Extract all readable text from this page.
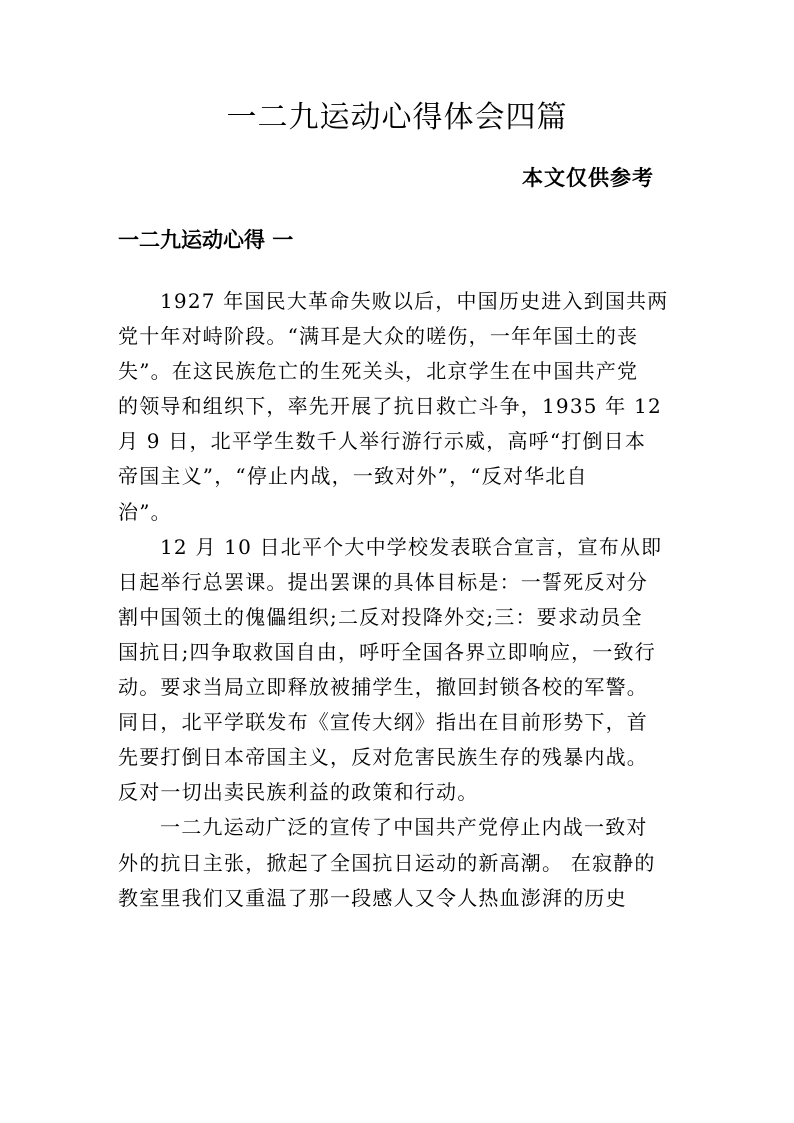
一二九运动心得体会四篇
本文仅供参考
一二九运动心得 一
1927 年国民大革命失败以后，中国历史进入到国共两
党十年对峙阶段。“满耳是大众的嗟伤，一年年国土的丧
失”。在这民族危亡的生死关头，北京学生在中国共产党
的领导和组织下，率先开展了抗日救亡斗争，1935 年 12
月 9 日，北平学生数千人举行游行示威，高呼“打倒日本
帝国主义”，“停止内战，一致对外”，“反对华北自
治”。
12 月 10 日北平个大中学校发表联合宣言，宣布从即
日起举行总罢课。提出罢课的具体目标是：一誓死反对分
割中国领土的傀儡组织;二反对投降外交;三：要求动员全
国抗日;四争取救国自由，呼吁全国各界立即响应，一致行
动。要求当局立即释放被捕学生，撤回封锁各校的军警。
同日，北平学联发布《宣传大纲》指出在目前形势下，首
先要打倒日本帝国主义，反对危害民族生存的残暴内战。
反对一切出卖民族利益的政策和行动。
一二九运动广泛的宣传了中国共产党停止内战一致对
外的抗日主张，掀起了全国抗日运动的新高潮。 在寂静的
教室里我们又重温了那一段感人又令人热血澎湃的历史
